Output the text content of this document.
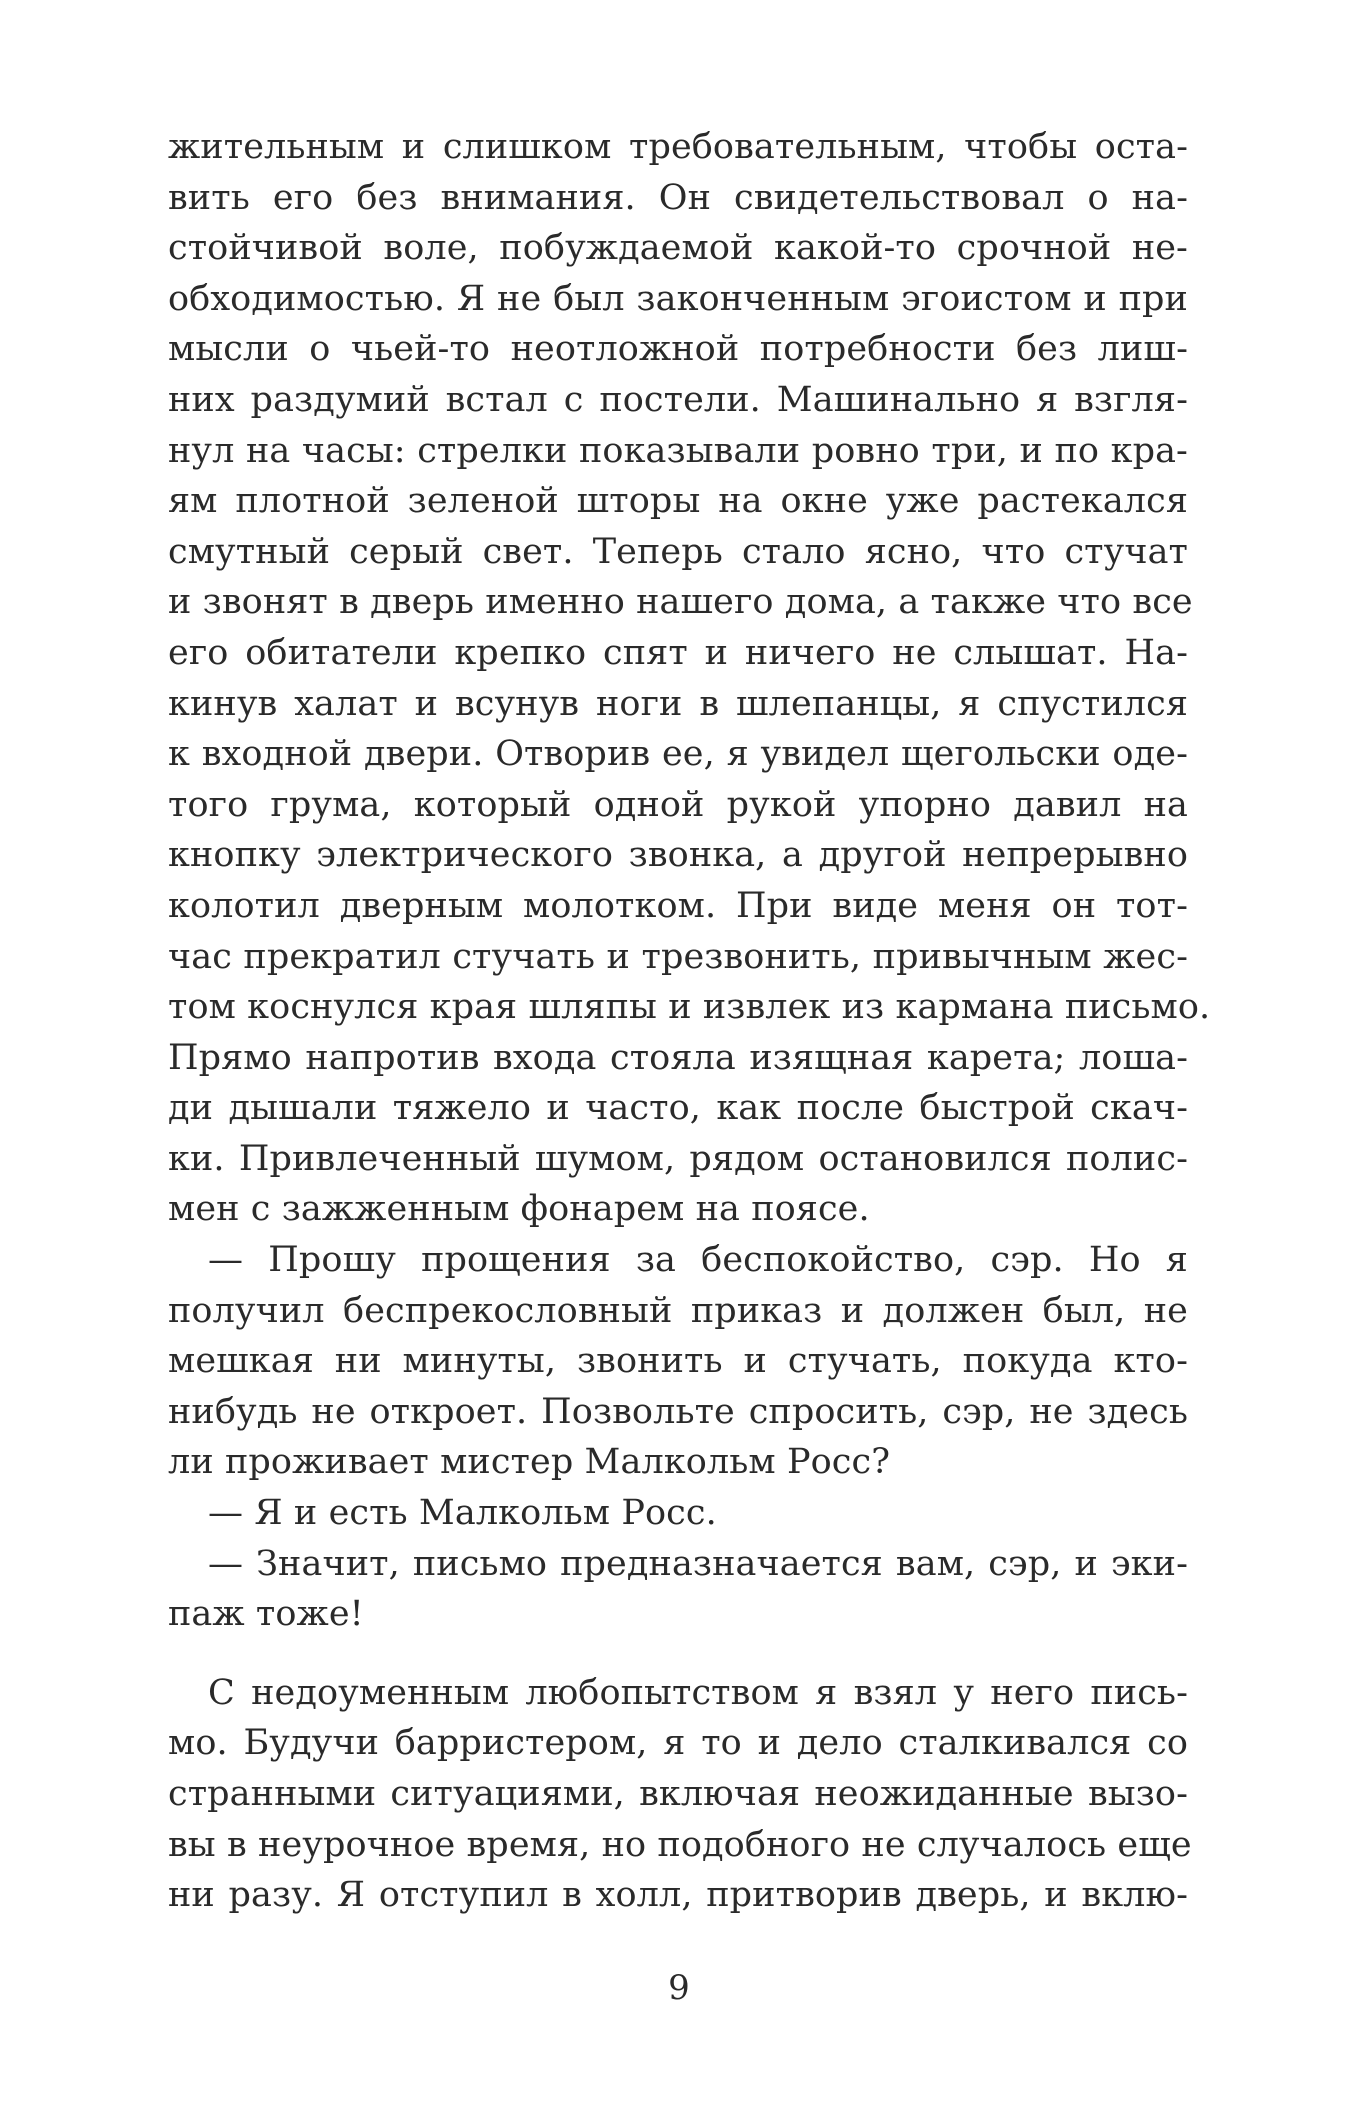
жительным и слишком требовательным, чтобы оста-
вить его без внимания. Он свидетельствовал о на-
стойчивой воле, побуждаемой какой-то срочной не-
обходимостью. Я не был законченным эгоистом и при
мысли о чьей-то неотложной потребности без лиш-
них раздумий встал с постели. Машинально я взгля-
нул на часы: стрелки показывали ровно три, и по кра-
ям плотной зеленой шторы на окне уже растекался
смутный серый свет. Теперь стало ясно, что стучат
и звонят в дверь именно нашего дома, а также что все
его обитатели крепко спят и ничего не слышат. На-
кинув халат и всунув ноги в шлепанцы, я спустился
к входной двери. Отворив ее, я увидел щегольски оде-
того грума, который одной рукой упорно давил на
кнопку электрического звонка, а другой непрерывно
колотил дверным молотком. При виде меня он тот-
час прекратил стучать и трезвонить, привычным жес-
том коснулся края шляпы и извлек из кармана письмо.
Прямо напротив входа стояла изящная карета; лоша-
ди дышали тяжело и часто, как после быстрой скач-
ки. Привлеченный шумом, рядом остановился полис-
мен с зажженным фонарем на поясе.
— Прошу прощения за беспокойство, сэр. Но я
получил беспрекословный приказ и должен был, не
мешкая ни минуты, звонить и стучать, покуда кто-
нибудь не откроет. Позвольте спросить, сэр, не здесь
ли проживает мистер Малкольм Росс?
— Я и есть Малкольм Росс.
— Значит, письмо предназначается вам, сэр, и эки-
паж тоже!
С недоуменным любопытством я взял у него пись-
мо. Будучи барристером, я то и дело сталкивался со
странными ситуациями, включая неожиданные вызо-
вы в неурочное время, но подобного не случалось еще
ни разу. Я отступил в холл, притворив дверь, и вклю-
9
